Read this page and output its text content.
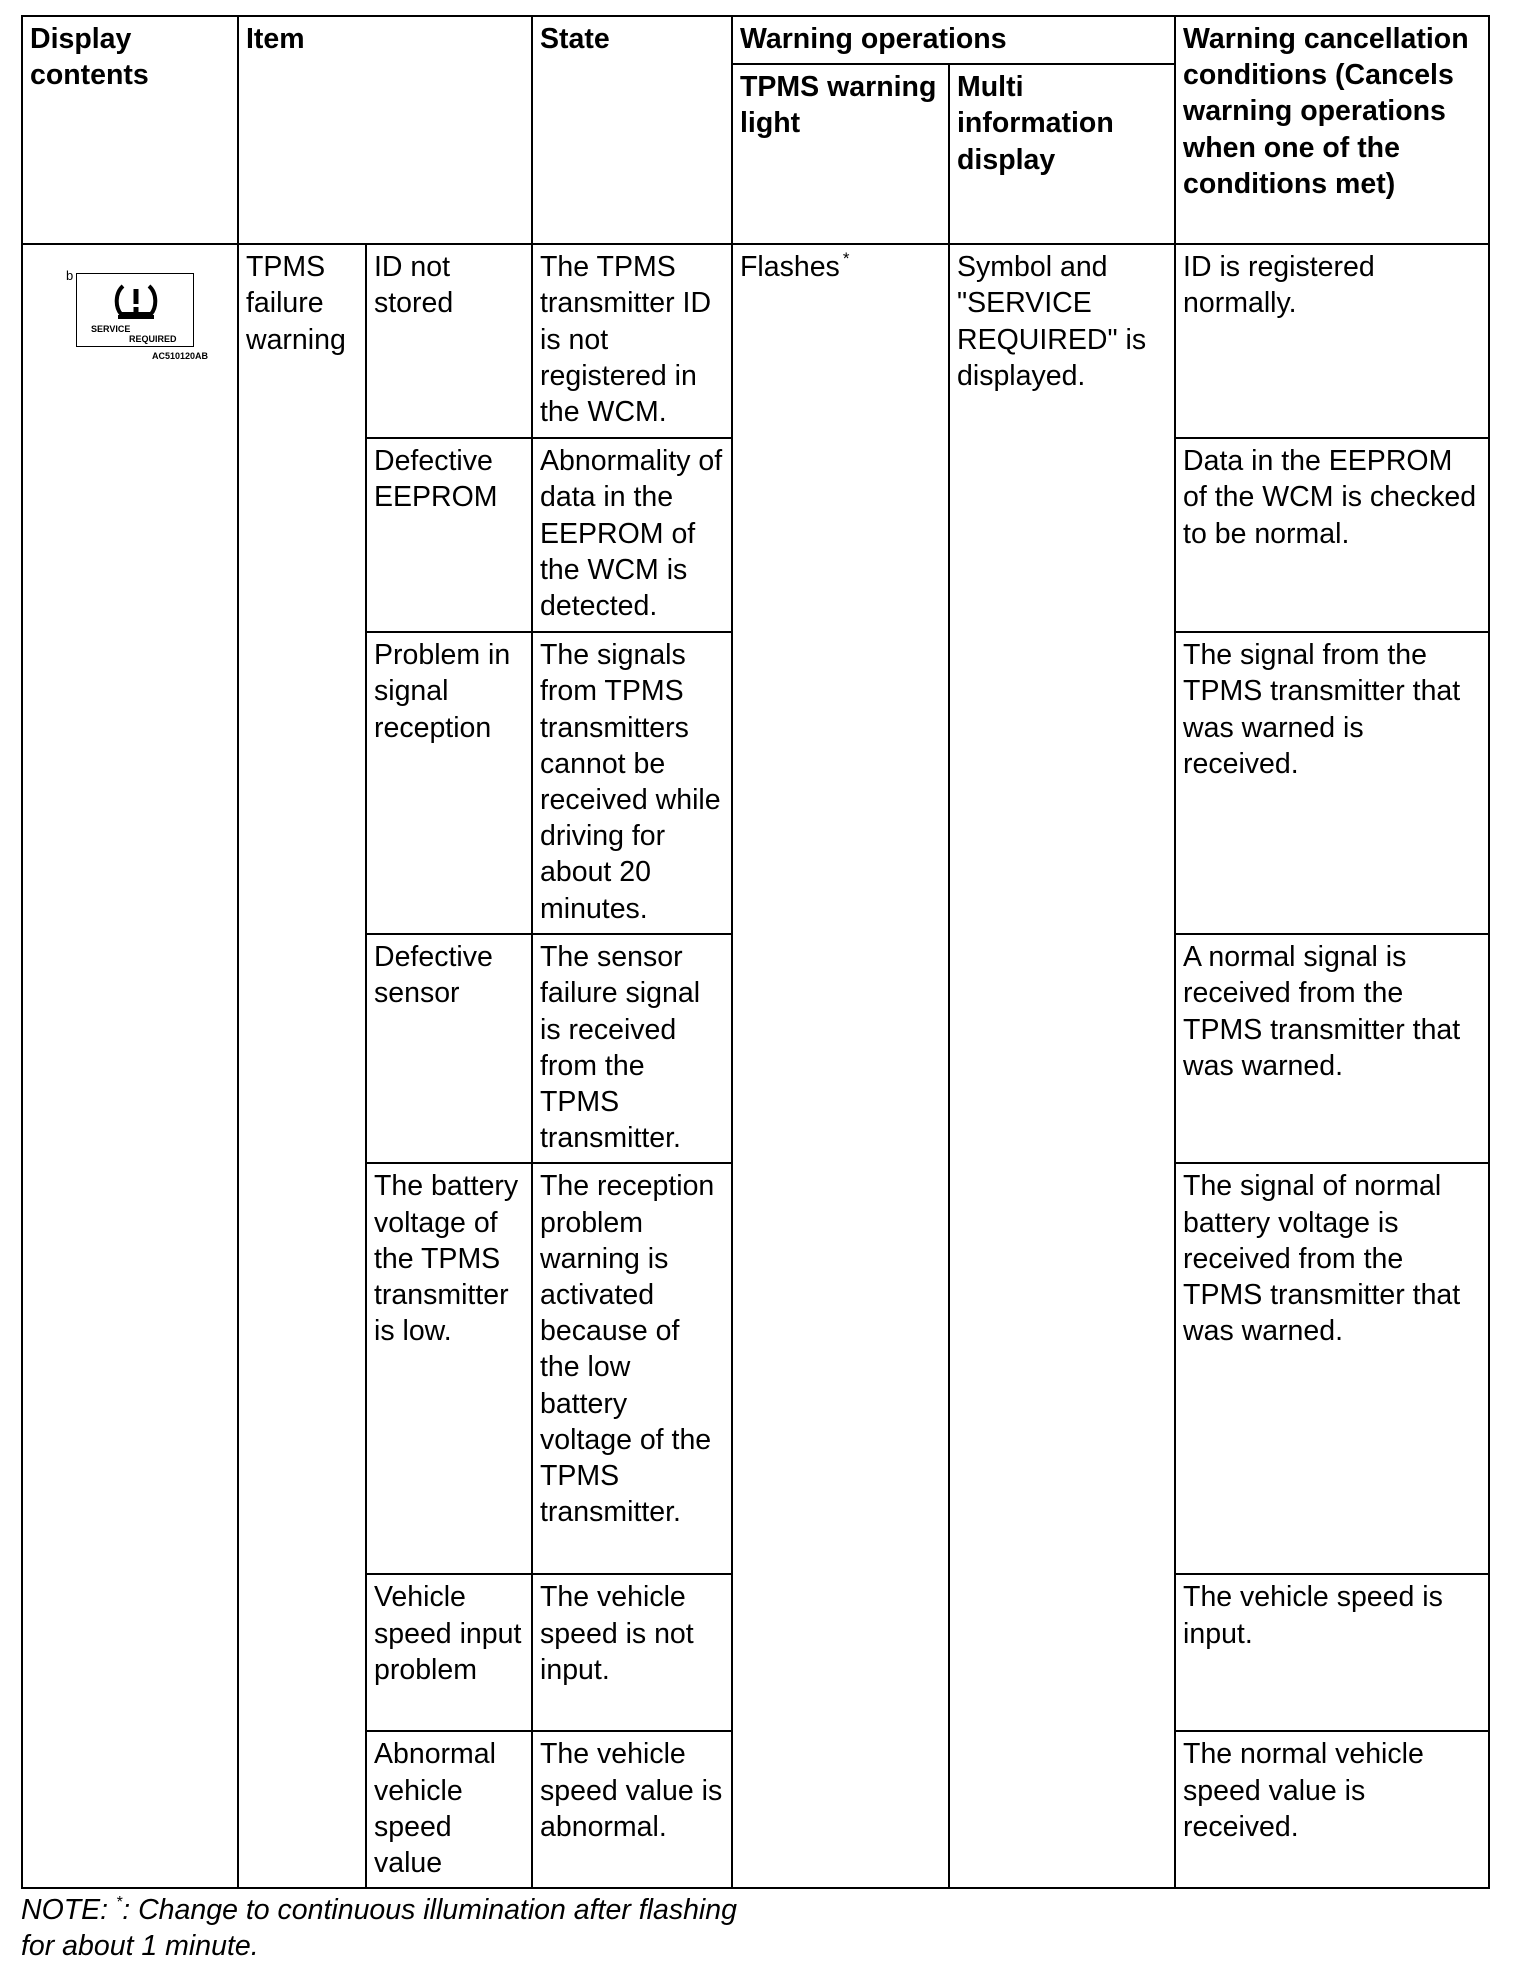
Display contents	Item		State	Warning operations		Warning cancellation conditions (Cancels warning operations when one of the conditions met)
				TPMS warning light	Multi information display	

b
SERVICE
REQUIRED
AC510120AB	TPMS failure warning	ID not stored	The TPMS transmitter ID is not registered in the WCM.	Flashes *	Symbol and "SERVICE REQUIRED" is displayed.	ID is registered normally.
		Defective EEPROM	Abnormality of data in the EEPROM of the WCM is detected.			Data in the EEPROM of the WCM is checked to be normal.
		Problem in signal reception	The signals from TPMS transmitters cannot be received while driving for about 20 minutes.			The signal from the TPMS transmitter that was warned is received.
		Defective sensor	The sensor failure signal is received from the TPMS transmitter.			A normal signal is received from the TPMS transmitter that was warned.
		The battery voltage of the TPMS transmitter is low.	The reception problem warning is activated because of the low battery voltage of the TPMS transmitter.			The signal of normal battery voltage is received from the TPMS transmitter that was warned.
		Vehicle speed input problem	The vehicle speed is not input.			The vehicle speed is input.
		Abnormal vehicle speed value	The vehicle speed value is abnormal.			The normal vehicle speed value is received.
NOTE: *: Change to continuous illumination after flashing for about 1 minute.
